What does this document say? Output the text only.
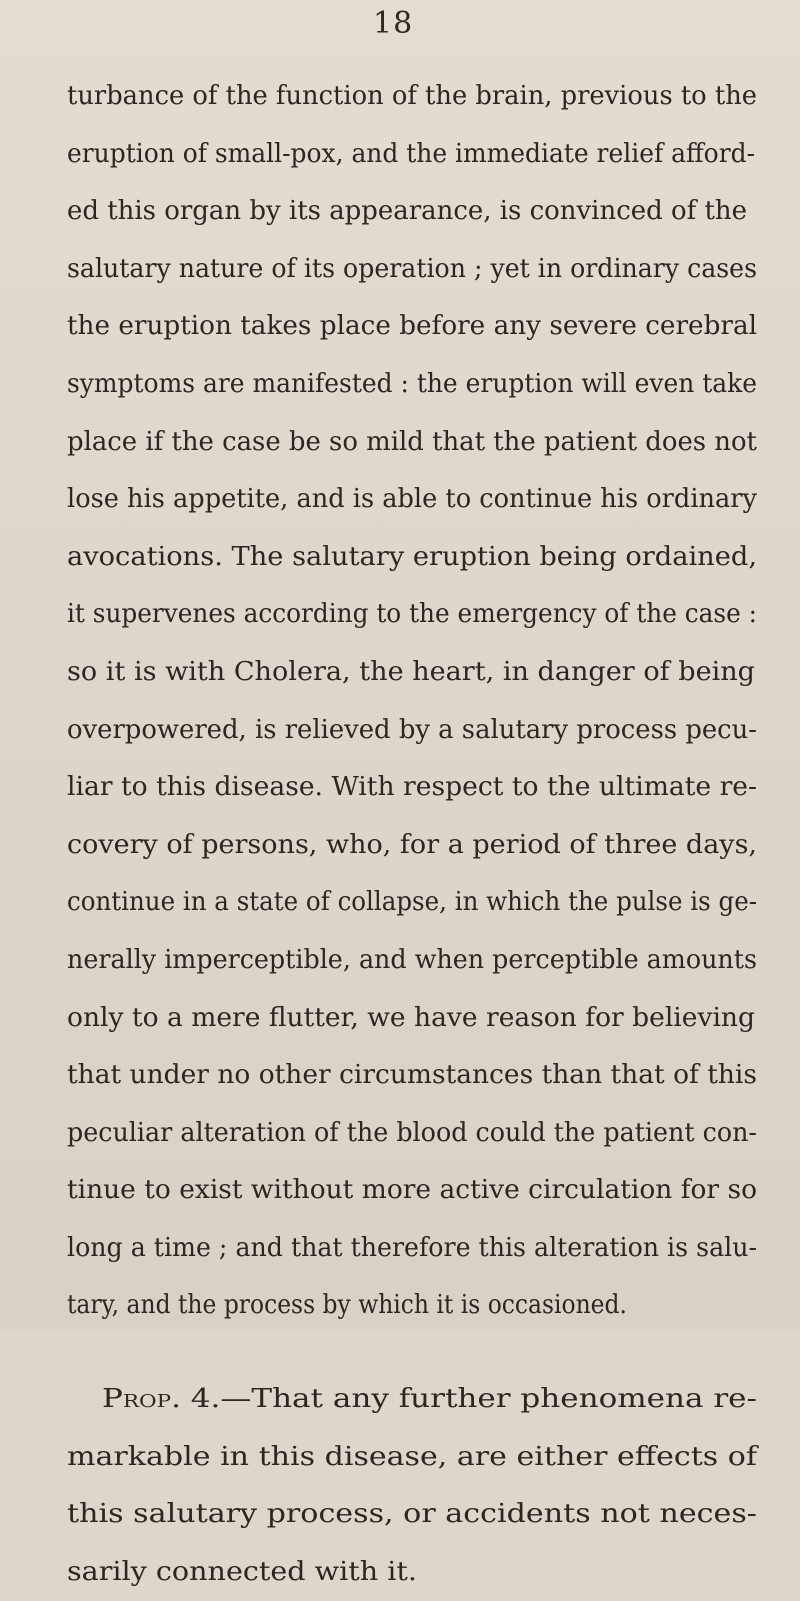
18

turbance of the function of the brain, previous to the
eruption of small-pox, and the immediate relief afford-
ed this organ by its appearance, is convinced of the
salutary nature of its operation ; yet in ordinary cases
the eruption takes place before any severe cerebral
symptoms are manifested : the eruption will even take
place if the case be so mild that the patient does not
lose his appetite, and is able to continue his ordinary
avocations. The salutary eruption being ordained,
it supervenes according to the emergency of the case :
so it is with Cholera, the heart, in danger of being
overpowered, is relieved by a salutary process pecu-
liar to this disease. With respect to the ultimate re-
covery of persons, who, for a period of three days,
continue in a state of collapse, in which the pulse is ge-
nerally imperceptible, and when perceptible amounts
only to a mere flutter, we have reason for believing
that under no other circumstances than that of this
peculiar alteration of the blood could the patient con-
tinue to exist without more active circulation for so
long a time ; and that therefore this alteration is salu-
tary, and the process by which it is occasioned.
Prop. 4.—That any further phenomena re-
markable in this disease, are either effects of
this salutary process, or accidents not neces-
sarily connected with it.
